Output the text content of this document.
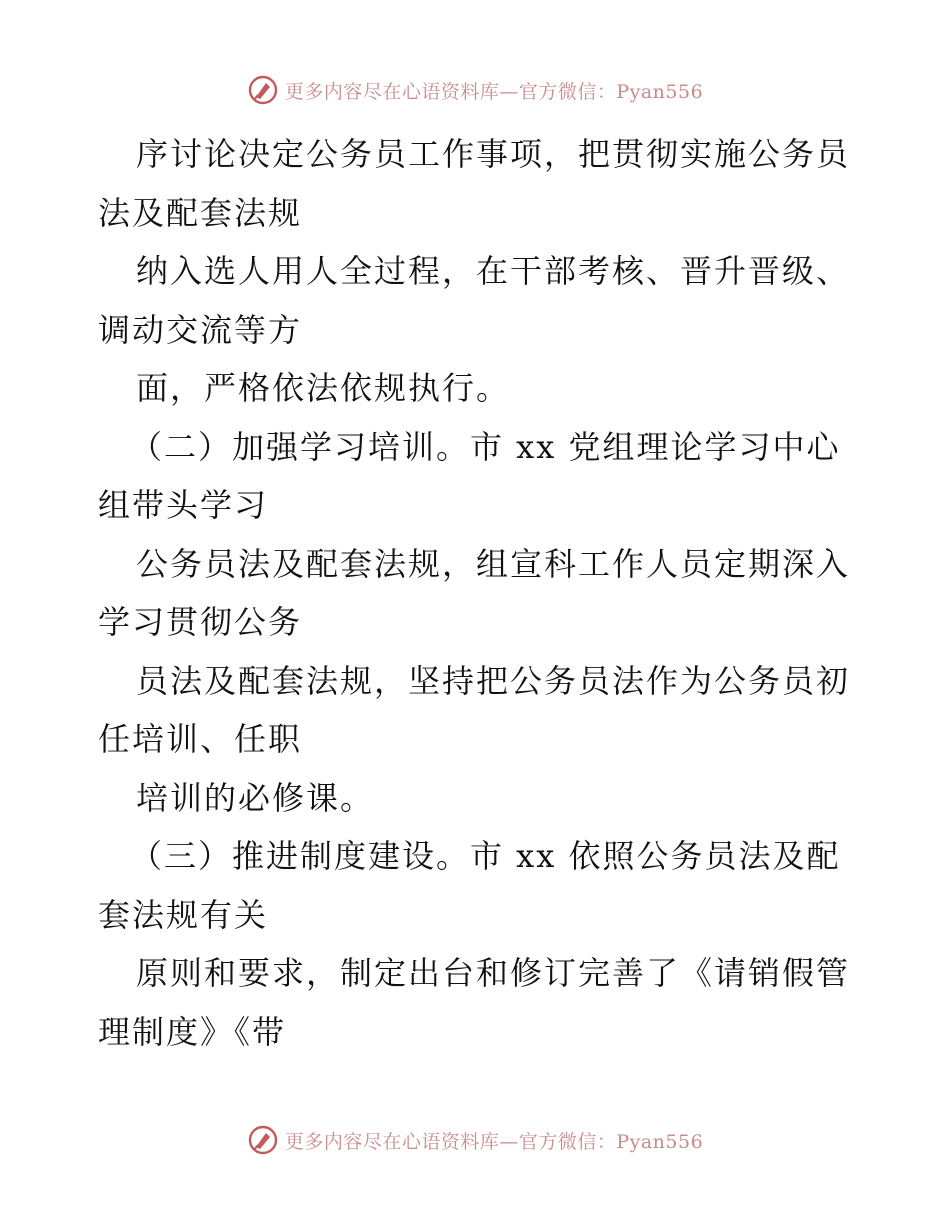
更多内容尽在心语资料库—官方微信：Pyan556
序讨论决定公务员工作事项，把贯彻实施公务员
法及配套法规
纳入选人用人全过程，在干部考核、晋升晋级、
调动交流等方
面，严格依法依规执行。
（二）加强学习培训。市 xx 党组理论学习中心
组带头学习
公务员法及配套法规，组宣科工作人员定期深入
学习贯彻公务
员法及配套法规，坚持把公务员法作为公务员初
任培训、任职
培训的必修课。
（三）推进制度建设。市 xx 依照公务员法及配
套法规有关
原则和要求，制定出台和修订完善了《请销假管
理制度》《带
更多内容尽在心语资料库—官方微信：Pyan556
